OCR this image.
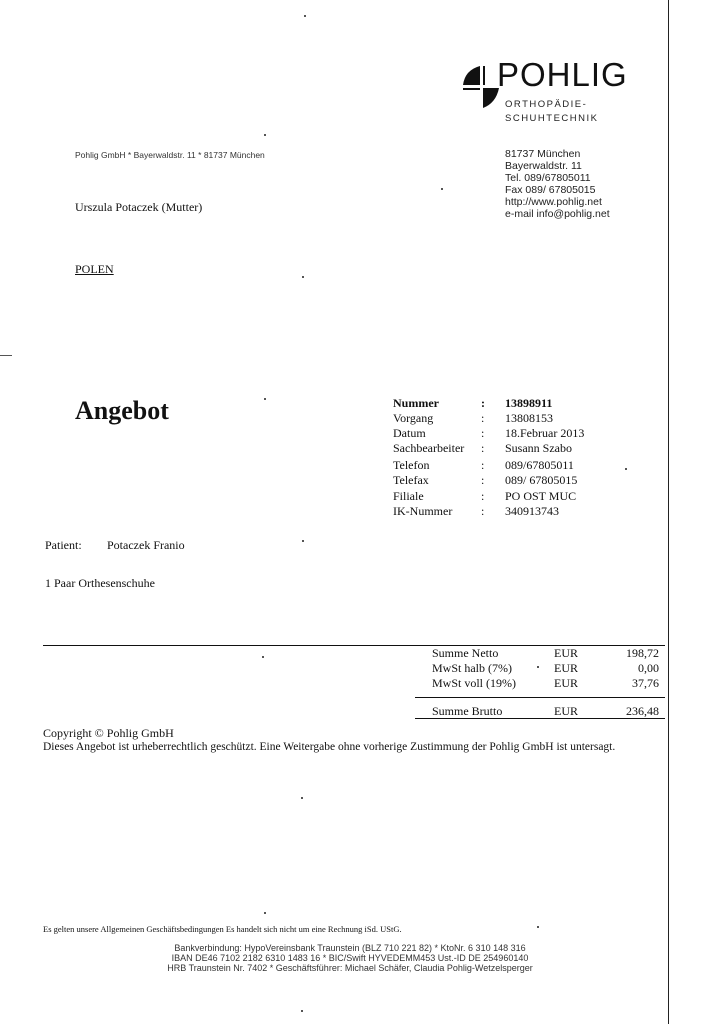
POHLIG
ORTHOPÄDIE-
SCHUHTECHNIK
Pohlig GmbH * Bayerwaldstr. 11 * 81737 München	81737 München
Bayerwaldstr. 11
Tel. 089/67805011
Fax 089/ 67805015
http://www.pohlig.net
e-mail info@pohlig.net
Urszula Potaczek (Mutter)
POLEN
Angebot	Nummer	:	13898911
Vorgang	:	13808153
Datum	:	18.Februar 2013
Sachbearbeiter	:	Susann Szabo
Telefon	:	089/67805011
Telefax	:	089/ 67805015
Filiale	:	PO OST MUC
IK-Nummer	:	340913743
Patient: Potaczek Franio
1 Paar Orthesenschuhe
Summe Netto	EUR	198,72
MwSt halb (7%)	EUR	0,00
MwSt voll (19%)	EUR	37,76
Summe Brutto	EUR	236,48
Copyright © Pohlig GmbH
Dieses Angebot ist urheberrechtlich geschützt. Eine Weitergabe ohne vorherige Zustimmung der Pohlig GmbH ist untersagt.
Es gelten unsere Allgemeinen Geschäftsbedingungen Es handelt sich nicht um eine Rechnung iSd. UStG.
Bankverbindung: HypoVereinsbank Traunstein (BLZ 710 221 82) * KtoNr. 6 310 148 316
IBAN DE46 7102 2182 6310 1483 16 * BIC/Swift HYVEDEMM453 Ust.-ID DE 254960140
HRB Traunstein Nr. 7402 * Geschäftsführer: Michael Schäfer, Claudia Pohlig-Wetzelsperger
